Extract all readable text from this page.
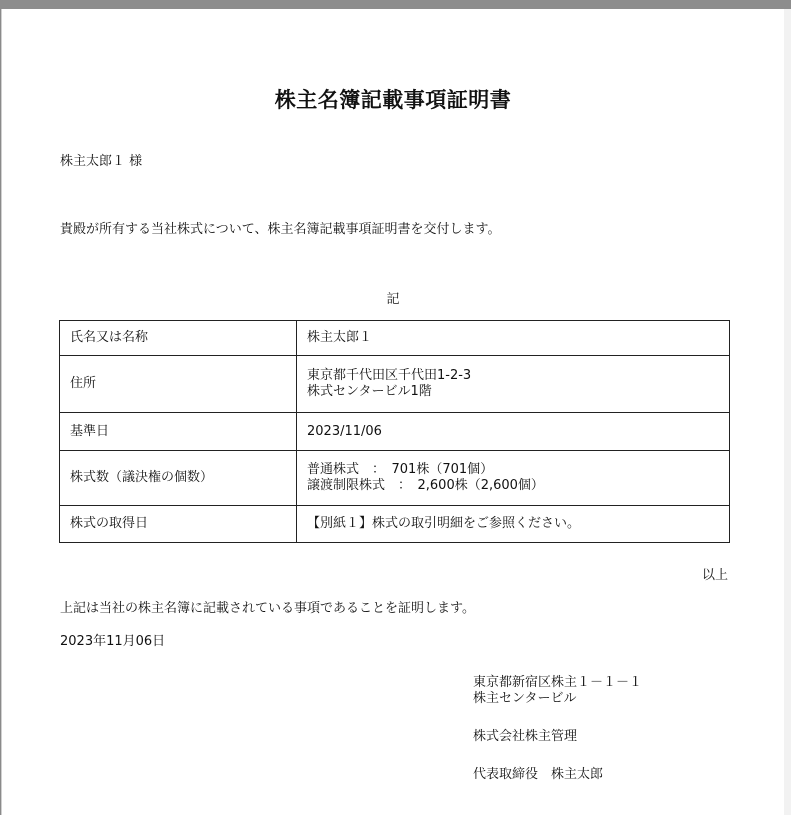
株主名簿記載事項証明書
株主太郎１ 様
貴殿が所有する当社株式について、株主名簿記載事項証明書を交付します。
記
氏名又は名称	株主太郎１

住所	東京都千代田区千代田1-2-3
株式センタービル1階

基準日	2023/11/06

株式数（議決権の個数）	普通株式　：　701株（701個）
譲渡制限株式　：　2,600株（2,600個）

株式の取得日	【別紙１】株式の取引明細をご参照ください。
以上
上記は当社の株主名簿に記載されている事項であることを証明します。
2023年11月06日
東京都新宿区株主１－１－１
株主センタービル
株式会社株主管理
代表取締役　株主太郎
